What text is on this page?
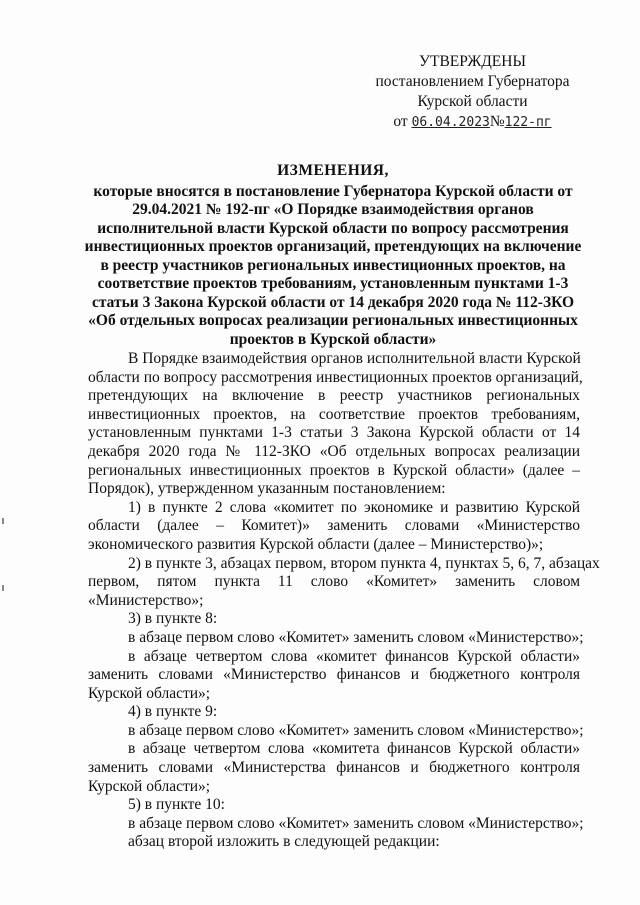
УТВЕРЖДЕНЫ
постановлением Губернатора
Курской области
от 06.04.2023№122-пг
ИЗМЕНЕНИЯ,
которые вносятся в постановление Губернатора Курской области от
29.04.2021 № 192-пг «О Порядке взаимодействия органов
исполнительной власти Курской области по вопросу рассмотрения
инвестиционных проектов организаций, претендующих на включение
в реестр участников региональных инвестиционных проектов, на
соответствие проектов требованиям, установленным пунктами 1-3
статьи 3 Закона Курской области от 14 декабря 2020 года № 112-ЗКО
«Об отдельных вопросах реализации региональных инвестиционных
проектов в Курской области»
В Порядке взаимодействия органов исполнительной власти Курской
области по вопросу рассмотрения инвестиционных проектов организаций,
претендующих на включение в реестр участников региональных
инвестиционных проектов, на соответствие проектов требованиям,
установленным пунктами 1-3 статьи 3 Закона Курской области от 14
декабря 2020 года № 112-ЗКО «Об отдельных вопросах реализации
региональных инвестиционных проектов в Курской области» (далее –
Порядок), утвержденном указанным постановлением:
1) в пункте 2 слова «комитет по экономике и развитию Курской
области (далее – Комитет)» заменить словами «Министерство
экономического развития Курской области (далее – Министерство)»;
2) в пункте 3, абзацах первом, втором пункта 4, пунктах 5, 6, 7, абзацах
первом, пятом пункта 11 слово «Комитет» заменить словом
«Министерство»;
3) в пункте 8:
в абзаце первом слово «Комитет» заменить словом «Министерство»;
в абзаце четвертом слова «комитет финансов Курской области»
заменить словами «Министерство финансов и бюджетного контроля
Курской области»;
4) в пункте 9:
в абзаце первом слово «Комитет» заменить словом «Министерство»;
в абзаце четвертом слова «комитета финансов Курской области»
заменить словами «Министерства финансов и бюджетного контроля
Курской области»;
5) в пункте 10:
в абзаце первом слово «Комитет» заменить словом «Министерство»;
абзац второй изложить в следующей редакции:
